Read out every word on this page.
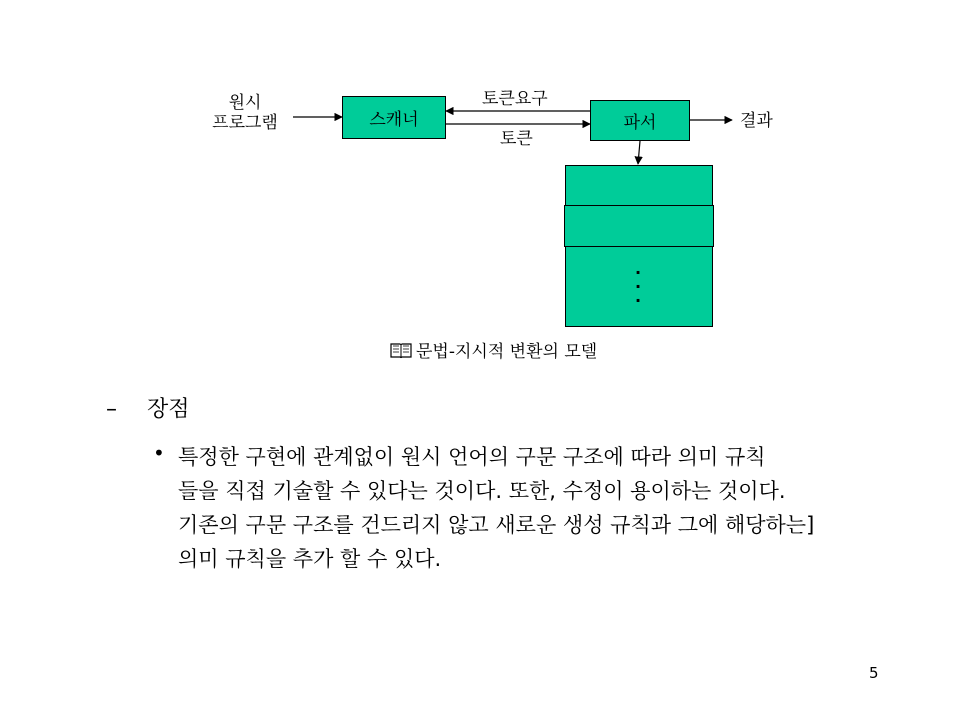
원시
프로그램	스캐너
토큰요구
토큰
파서	결과
·
·
·
문법-지시적 변환의 모델
– 장점
• 특정한 구현에 관계없이 원시 언어의 구문 구조에 따라 의미 규칙
들을 직접 기술할 수 있다는 것이다. 또한, 수정이 용이하는 것이다.
기존의 구문 구조를 건드리지 않고 새로운 생성 규칙과 그에 해당하는]
의미 규칙을 추가 할 수 있다.
5
